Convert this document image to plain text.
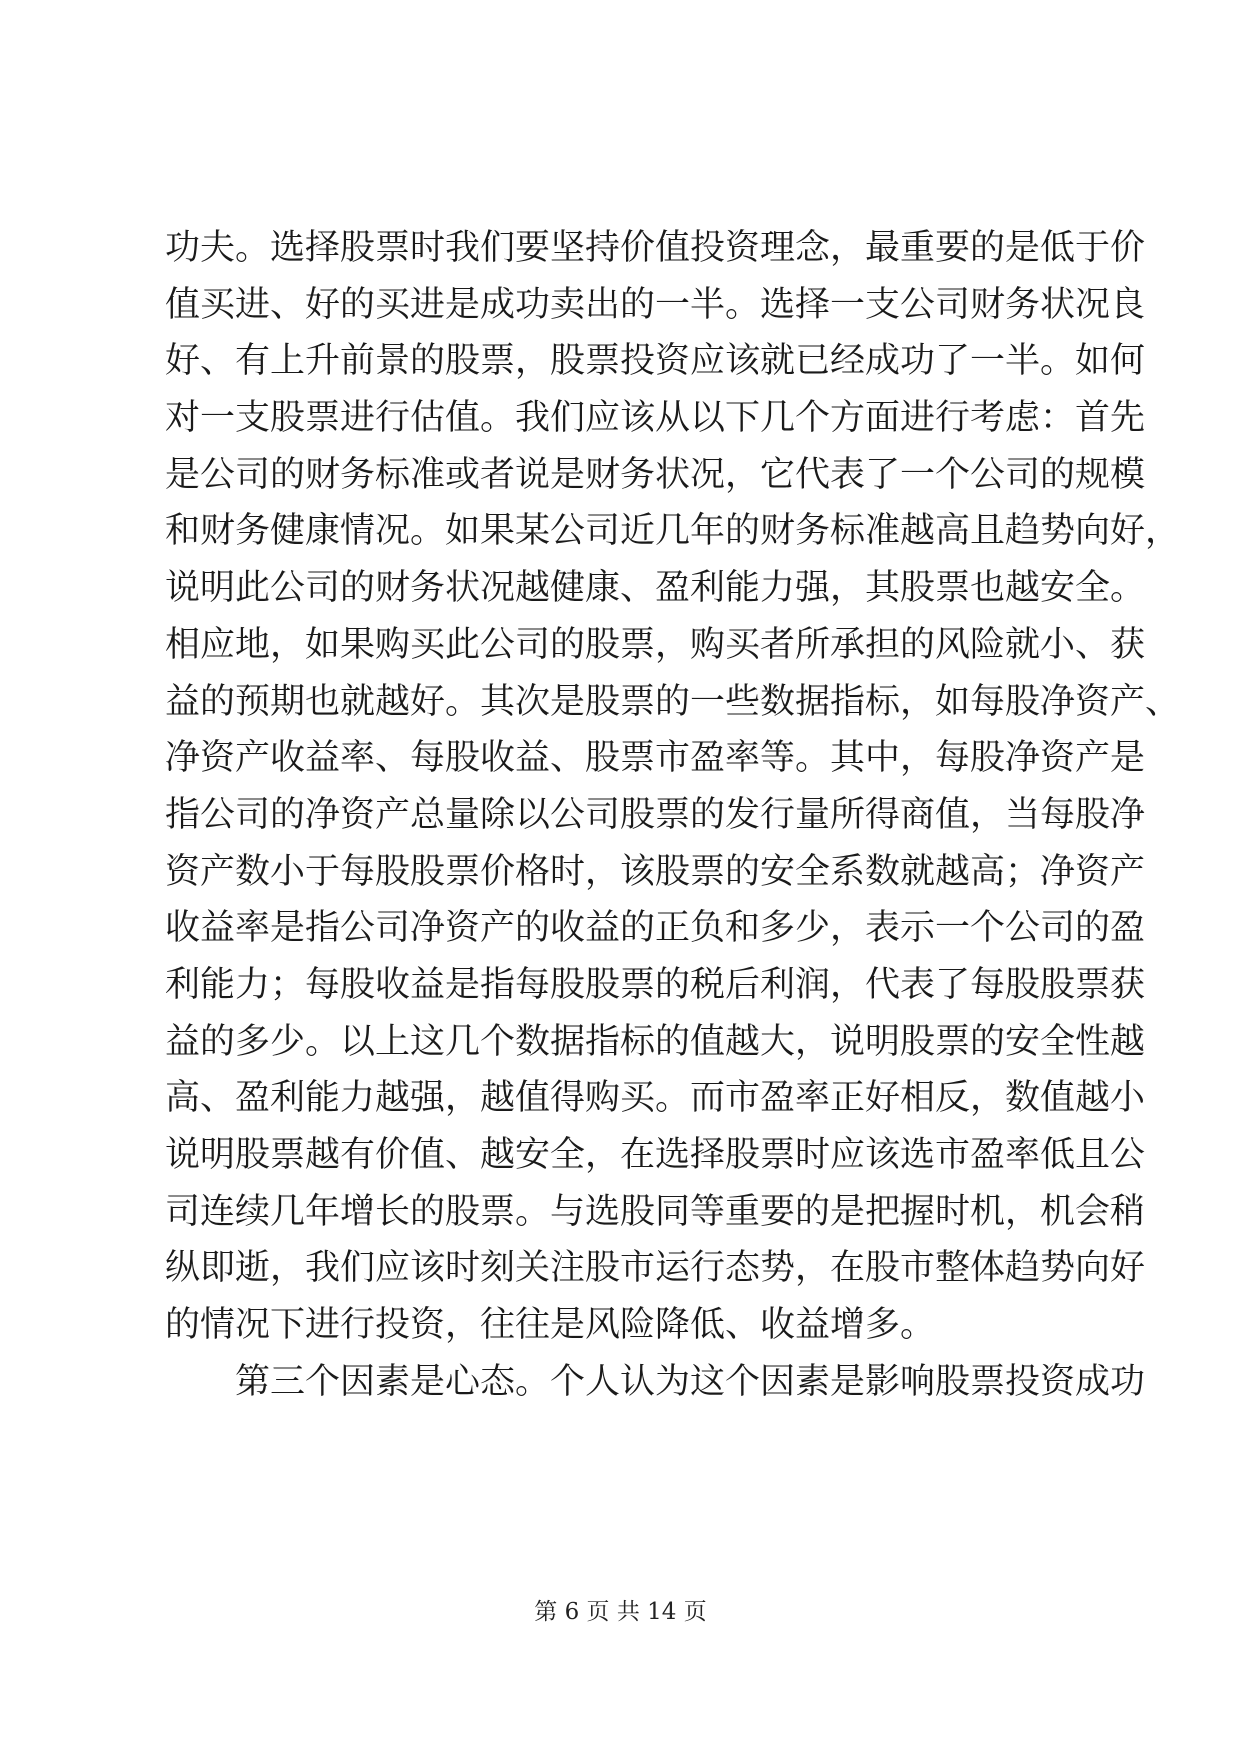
功夫。选择股票时我们要坚持价值投资理念，最重要的是低于价
值买进、好的买进是成功卖出的一半。选择一支公司财务状况良
好、有上升前景的股票，股票投资应该就已经成功了一半。如何
对一支股票进行估值。我们应该从以下几个方面进行考虑：首先
是公司的财务标准或者说是财务状况，它代表了一个公司的规模
和财务健康情况。如果某公司近几年的财务标准越高且趋势向好，
说明此公司的财务状况越健康、盈利能力强，其股票也越安全。
相应地，如果购买此公司的股票，购买者所承担的风险就小、获
益的预期也就越好。其次是股票的一些数据指标，如每股净资产、
净资产收益率、每股收益、股票市盈率等。其中，每股净资产是
指公司的净资产总量除以公司股票的发行量所得商值，当每股净
资产数小于每股股票价格时，该股票的安全系数就越高；净资产
收益率是指公司净资产的收益的正负和多少，表示一个公司的盈
利能力；每股收益是指每股股票的税后利润，代表了每股股票获
益的多少。以上这几个数据指标的值越大，说明股票的安全性越
高、盈利能力越强，越值得购买。而市盈率正好相反，数值越小
说明股票越有价值、越安全，在选择股票时应该选市盈率低且公
司连续几年增长的股票。与选股同等重要的是把握时机，机会稍
纵即逝，我们应该时刻关注股市运行态势，在股市整体趋势向好
的情况下进行投资，往往是风险降低、收益增多。
第三个因素是心态。个人认为这个因素是影响股票投资成功
第 6 页 共 14 页
